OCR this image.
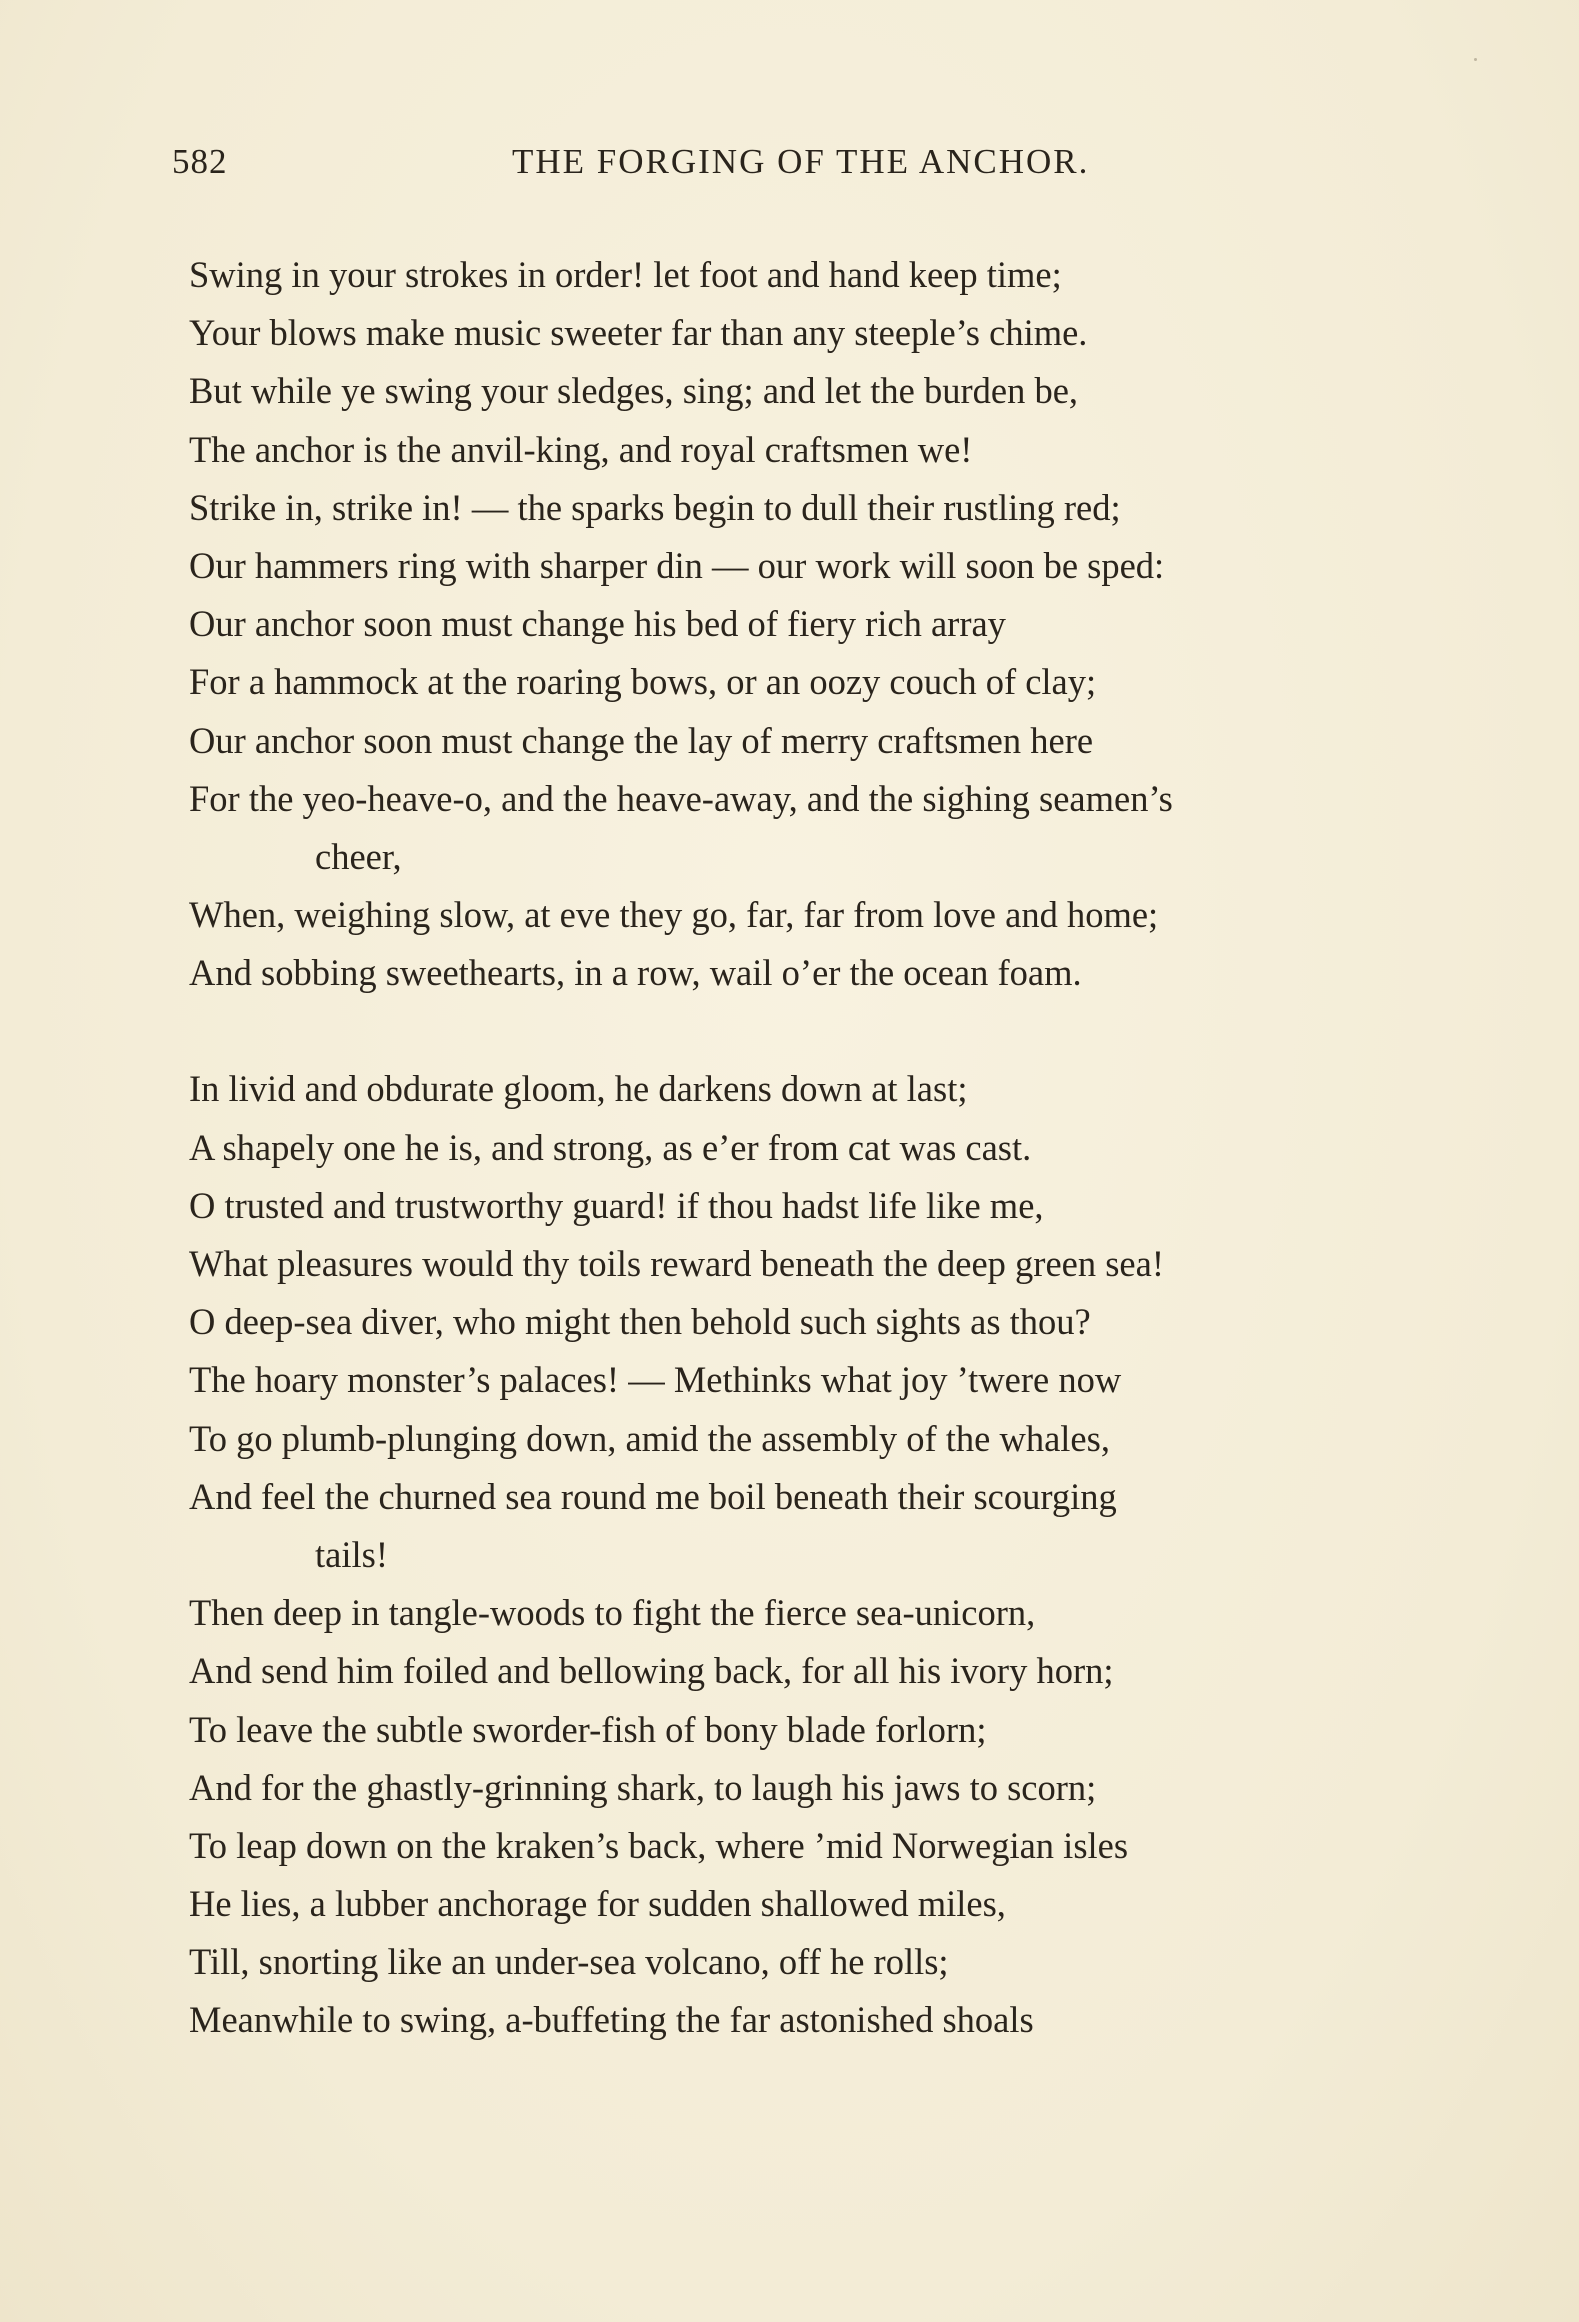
582	THE FORGING OF THE ANCHOR.
Swing in your strokes in order! let foot and hand keep time;
Your blows make music sweeter far than any steeple’s chime.
But while ye swing your sledges, sing; and let the burden be,
The anchor is the anvil-king, and royal craftsmen we!
Strike in, strike in! — the sparks begin to dull their rustling red;
Our hammers ring with sharper din — our work will soon be sped:
Our anchor soon must change his bed of fiery rich array
For a hammock at the roaring bows, or an oozy couch of clay;
Our anchor soon must change the lay of merry craftsmen here
For the yeo-heave-o, and the heave-away, and the sighing seamen’s
cheer,
When, weighing slow, at eve they go, far, far from love and home;
And sobbing sweethearts, in a row, wail o’er the ocean foam.
In livid and obdurate gloom, he darkens down at last;
A shapely one he is, and strong, as e’er from cat was cast.
O trusted and trustworthy guard! if thou hadst life like me,
What pleasures would thy toils reward beneath the deep green sea!
O deep-sea diver, who might then behold such sights as thou?
The hoary monster’s palaces! — Methinks what joy ’twere now
To go plumb-plunging down, amid the assembly of the whales,
And feel the churned sea round me boil beneath their scourging
tails!
Then deep in tangle-woods to fight the fierce sea-unicorn,
And send him foiled and bellowing back, for all his ivory horn;
To leave the subtle sworder-fish of bony blade forlorn;
And for the ghastly-grinning shark, to laugh his jaws to scorn;
To leap down on the kraken’s back, where ’mid Norwegian isles
He lies, a lubber anchorage for sudden shallowed miles,
Till, snorting like an under-sea volcano, off he rolls;
Meanwhile to swing, a-buffeting the far astonished shoals
